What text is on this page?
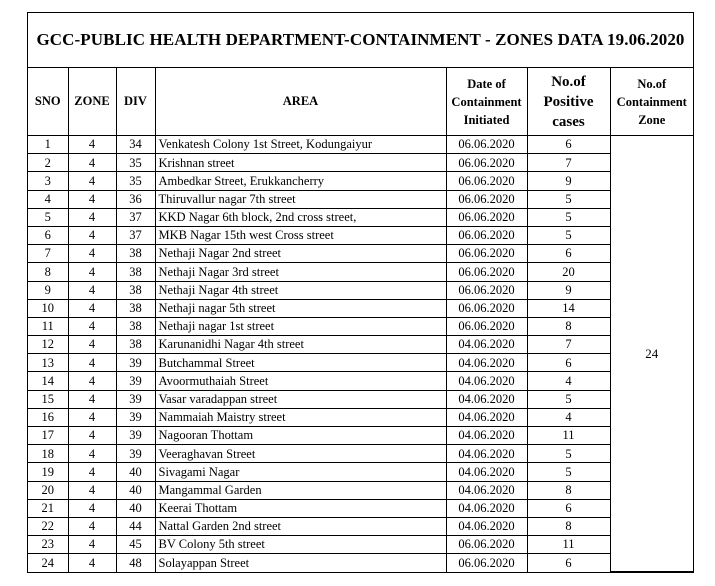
GCC-PUBLIC HEALTH DEPARTMENT-CONTAINMENT - ZONES DATA 19.06.2020
SNO	ZONE	DIV	AREA	Date of Containment Initiated	No.of Positive cases	No.of Containment Zone
1	4	34	Venkatesh Colony 1st Street, Kodungaiyur	06.06.2020	6	24
2	4	35	Krishnan street	06.06.2020	7	
3	4	35	Ambedkar Street, Erukkancherry	06.06.2020	9	
4	4	36	Thiruvallur nagar 7th street	06.06.2020	5	
5	4	37	KKD Nagar 6th block, 2nd cross street,	06.06.2020	5	
6	4	37	MKB Nagar 15th west Cross street	06.06.2020	5	
7	4	38	Nethaji Nagar 2nd street	06.06.2020	6	
8	4	38	Nethaji Nagar 3rd street	06.06.2020	20	
9	4	38	Nethaji Nagar 4th street	06.06.2020	9	
10	4	38	Nethaji nagar 5th street	06.06.2020	14	
11	4	38	Nethaji nagar 1st street	06.06.2020	8	
12	4	38	Karunanidhi Nagar 4th street	04.06.2020	7	
13	4	39	Butchammal Street	04.06.2020	6	
14	4	39	Avoormuthaiah Street	04.06.2020	4	
15	4	39	Vasar varadappan street	04.06.2020	5	
16	4	39	Nammaiah Maistry street	04.06.2020	4	
17	4	39	Nagooran Thottam	04.06.2020	11	
18	4	39	Veeraghavan Street	04.06.2020	5	
19	4	40	Sivagami Nagar	04.06.2020	5	
20	4	40	Mangammal Garden	04.06.2020	8	
21	4	40	Keerai Thottam	04.06.2020	6	
22	4	44	Nattal Garden 2nd street	04.06.2020	8	
23	4	45	BV Colony 5th street	06.06.2020	11	
24	4	48	Solayappan Street	06.06.2020	6	
